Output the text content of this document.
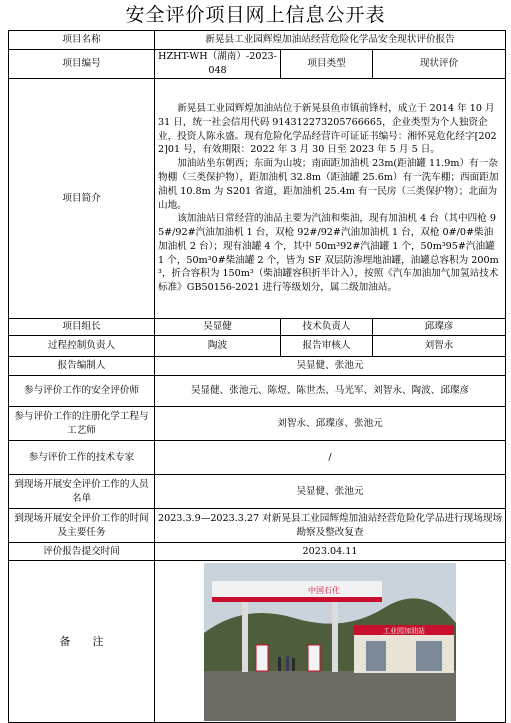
安全评价项目网上信息公开表
项目名称	新晃县工业园辉煌加油站经营危险化学品安全现状评价报告		
项目编号	HZHT-WH（湖南）-2023-048	项目类型	现状评价
项目简介	新晃县工业园辉煌加油站位于新晃县鱼市镇前锋村，成立于 2014 年 10 月 31 日，统一社会信用代码 914312273205766665，企业类型为个人独资企业，投资人陈永盛。现有危险化学品经营许可证证书编号：湘怀晃危化经字[2022]01 号，有效期限：2022 年 3 月 30 日至 2023 年 5 月 5 日。

加油站坐东朝西；东面为山坡；南面距加油机 23m(距油罐 11.9m）有一杂物棚（三类保护物），距加油机 32.8m（距油罐 25.6m）有一洗车棚；西面距加油机 10.8m 为 S201 省道，距加油机 25.4m 有一民房（三类保护物）；北面为山地。

该加油站日常经营的油品主要为汽油和柴油，现有加油机 4 台（其中四枪 95#/92#汽油加油机 1 台，双枪 92#/92#汽油加油机 1 台，双枪 0#/0#柴油加油机 2 台）；现有油罐 4 个，其中 50m³92#汽油罐 1 个，50m³95#汽油罐 1 个，50m³0#柴油罐 2 个，皆为 SF 双层防渗埋地油罐，油罐总容积为 200m³，折合容积为 150m³（柴油罐容积折半计入），按照《汽车加油加气加氢站技术标准》GB50156-2021 进行等级划分，属二级加油站。		

项目组长	吴显健	技术负责人	邱璨彦
过程控制负责人	陶波	报告审核人	刘智永
报告编制人	吴显健、张池元		
参与评价工作的安全评价师	吴显健、张池元、陈煜、陈世杰、马光军、刘智永、陶波、邱璨彦		
参与评价工作的注册化学工程与工艺师	刘智永、邱璨彦、张池元		
参与评价工作的技术专家	/		
到现场开展安全评价工作的人员名单	吴显健、张池元		
到现场开展安全评价工作的时间及主要任务	2023.3.9—2023.3.27 对新晃县工业园辉煌加油站经营危险化学品进行现场现场勘察及整改复查		
评价报告提交时间	2023.04.11		
备　　注	工业园加油站
中国石化		
